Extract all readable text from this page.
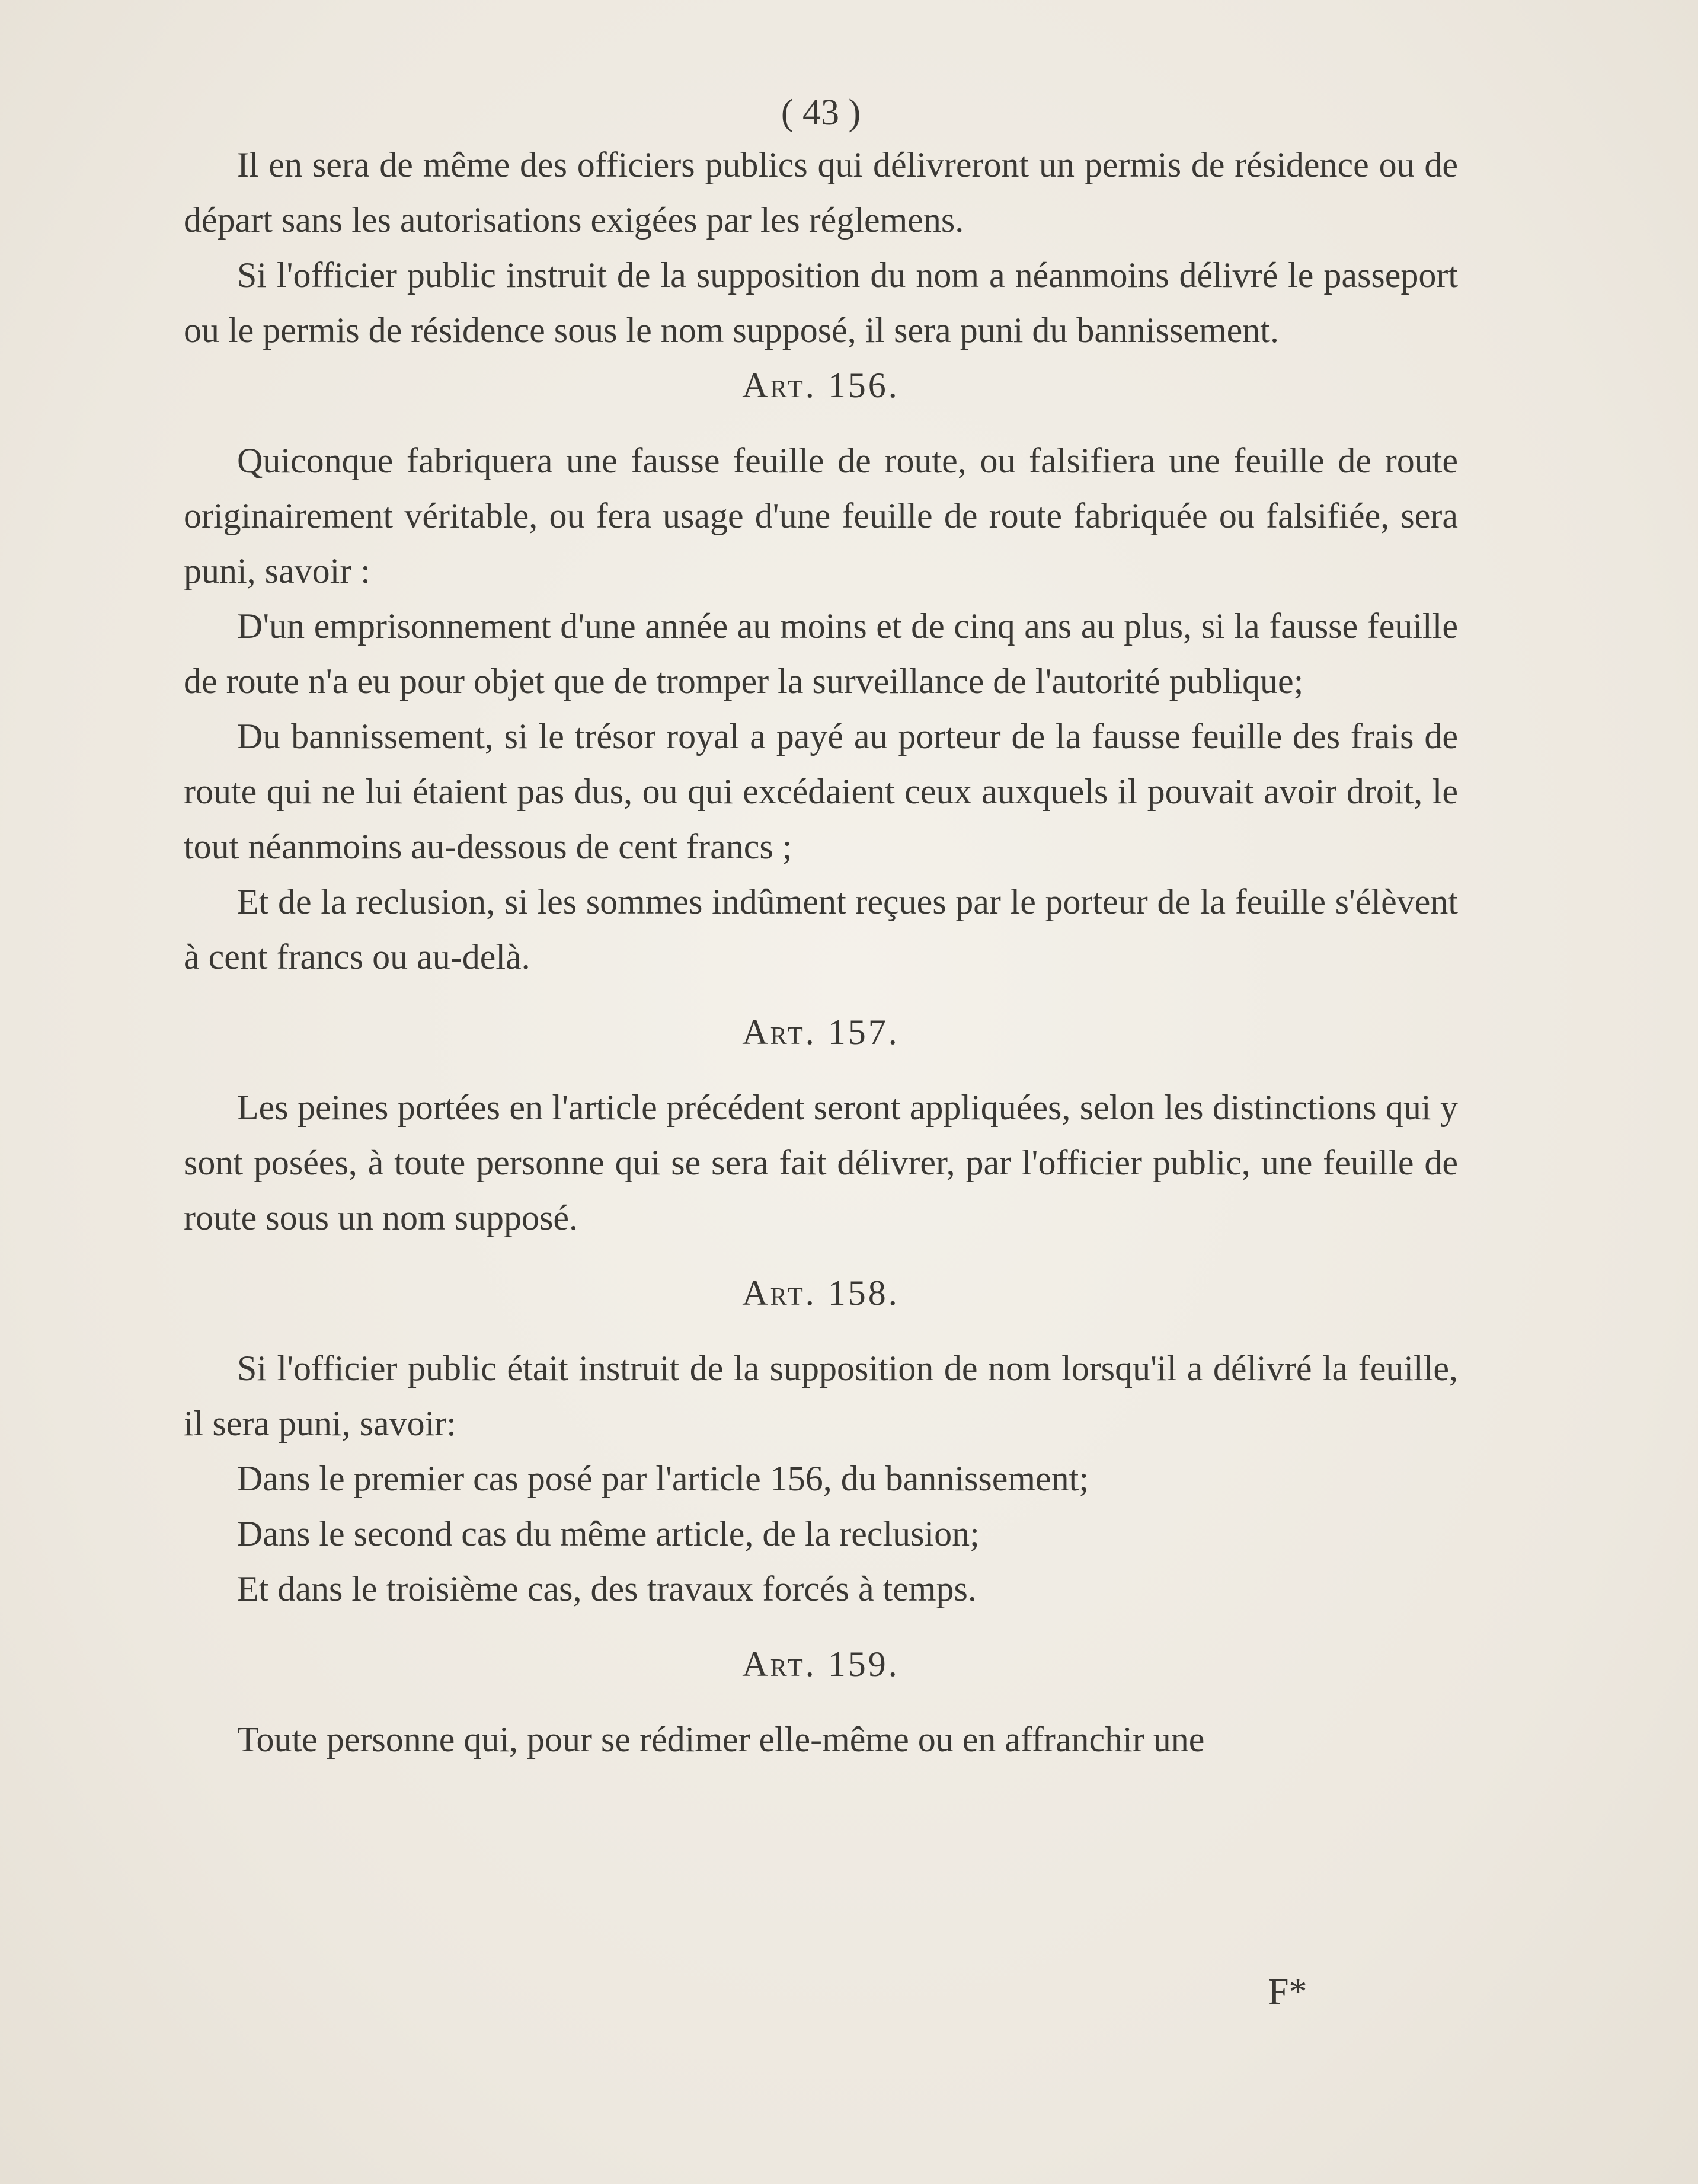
( 43 )

Il en sera de même des officiers publics qui délivreront un permis de résidence ou de départ sans les autorisations exigées par les réglemens.

Si l'officier public instruit de la supposition du nom a néanmoins délivré le passeport ou le permis de résidence sous le nom supposé, il sera puni du bannissement.

Art. 156.

Quiconque fabriquera une fausse feuille de route, ou falsifiera une feuille de route originairement véritable, ou fera usage d'une feuille de route fabriquée ou falsifiée, sera puni, savoir :

D'un emprisonnement d'une année au moins et de cinq ans au plus, si la fausse feuille de route n'a eu pour objet que de tromper la surveillance de l'autorité publique;

Du bannissement, si le trésor royal a payé au porteur de la fausse feuille des frais de route qui ne lui étaient pas dus, ou qui excédaient ceux auxquels il pouvait avoir droit, le tout néanmoins au-dessous de cent francs ;

Et de la reclusion, si les sommes indûment reçues par le porteur de la feuille s'élèvent à cent francs ou au-delà.

Art. 157.

Les peines portées en l'article précédent seront appliquées, selon les distinctions qui y sont posées, à toute personne qui se sera fait délivrer, par l'officier public, une feuille de route sous un nom supposé.

Art. 158.

Si l'officier public était instruit de la supposition de nom lorsqu'il a délivré la feuille, il sera puni, savoir:

Dans le premier cas posé par l'article 156, du bannissement;

Dans le second cas du même article, de la reclusion;

Et dans le troisième cas, des travaux forcés à temps.

Art. 159.

Toute personne qui, pour se rédimer elle-même ou en affranchir une

F*
